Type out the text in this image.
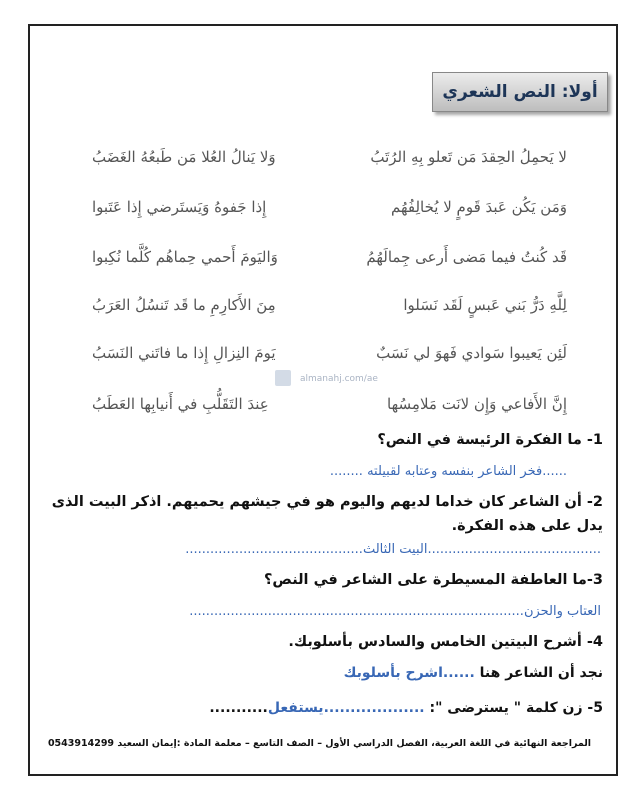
أولا: النص الشعري
لا يَحمِلُ الحِقدَ مَن تَعلو بِهِ الرُتَبُ
وَلا يَنالُ العُلا مَن طَبعُهُ الغَضَبُ
وَمَن يَكُن عَبدَ قَومٍ لا يُخالِفُهُم
إِذا جَفوهُ وَيَستَرضي إِذا عَتَبوا
قَد كُنتُ فيما مَضى أَرعى جِمالَهُمُ
وَاليَومَ أَحمي حِماهُم كُلَّما نُكِبوا
لِلَّهِ دَرُّ بَني عَبسٍ لَقَد نَسَلوا
مِنَ الأَكارِمِ ما قَد تَنسُلُ العَرَبُ
لَئِن يَعيبوا سَوادي فَهوَ لي نَسَبٌ
يَومَ النِزالِ إِذا ما فاتَني النَسَبُ
إِنَّ الأَفاعي وَإِن لانَت مَلامِسُها
عِندَ التَقَلُّبِ في أَنيابِها العَطَبُ
almanahj.com/ae
1- ما الفكرة الرئيسة في النص؟
......فخر الشاعر بنفسه وعتابه لقبيلته ........
2- أن الشاعر كان خداما لديهم واليوم هو في جيشهم يحميهم. اذكر البيت الذى يدل على هذه الفكرة.
..........................................البيت الثالث...........................................
3-ما العاطفة المسيطرة على الشاعر في النص؟
العتاب والحزن.................................................................................
4- أشرح البيتين الخامس والسادس بأسلوبك.
نجد أن الشاعر هنا ......اشرح بأسلوبك
5- زن كلمة " يسترضى ": ...................يستفعل...........
المراجعة النهائية في اللغة العربية، الفصل الدراسي الأول – الصف التاسع – معلمة المادة :إيمان السعيد 0543914299
